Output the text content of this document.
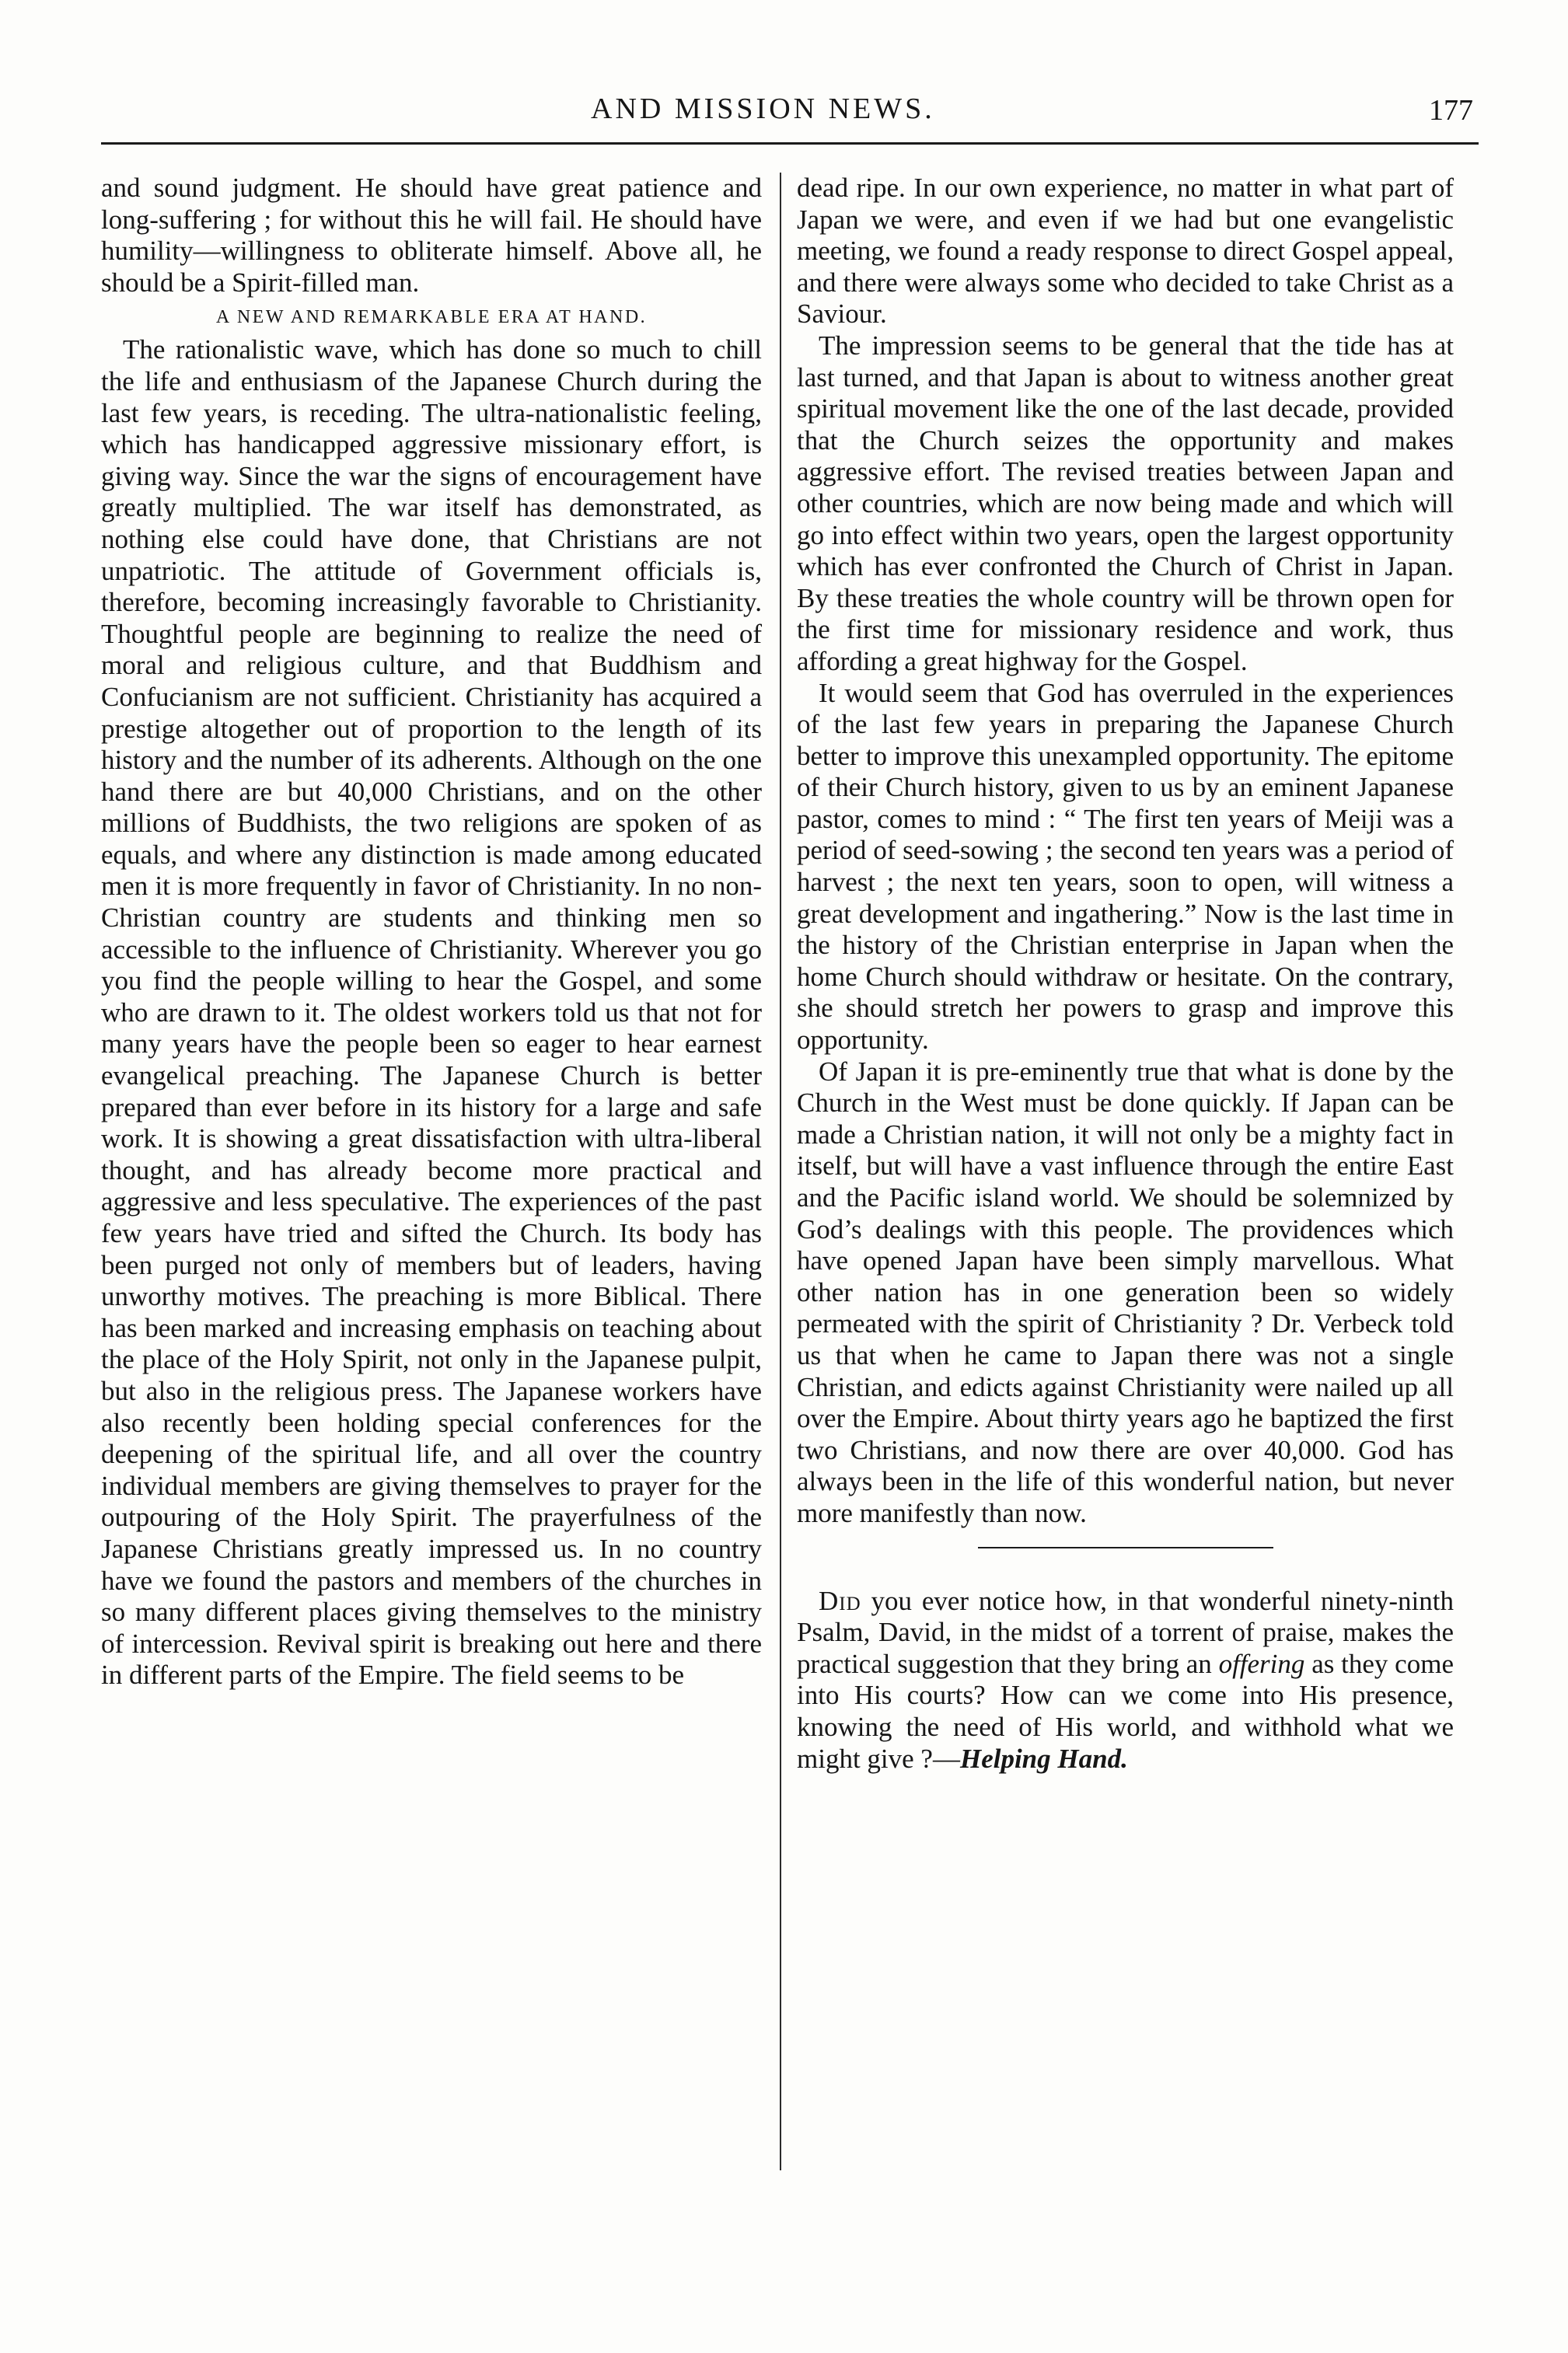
AND MISSION NEWS.	177

and sound judgment. He should have great patience and long-suffering ; for without this he will fail. He should have humility—willingness to obliterate himself. Above all, he should be a Spirit-filled man.

A NEW AND REMARKABLE ERA AT HAND.

The rationalistic wave, which has done so much to chill the life and enthusiasm of the Japanese Church during the last few years, is receding. The ultra-nationalistic feeling, which has handicapped aggressive missionary effort, is giving way. Since the war the signs of encouragement have greatly multiplied. The war itself has demonstrated, as nothing else could have done, that Christians are not unpatriotic. The attitude of Government officials is, therefore, becoming increasingly favorable to Christianity. Thoughtful people are beginning to realize the need of moral and religious culture, and that Buddhism and Confucianism are not sufficient. Christianity has acquired a prestige altogether out of proportion to the length of its history and the number of its adherents. Although on the one hand there are but 40,000 Christians, and on the other millions of Buddhists, the two religions are spoken of as equals, and where any distinction is made among educated men it is more frequently in favor of Christianity. In no non-Christian country are students and thinking men so accessible to the influence of Christianity. Wherever you go you find the people willing to hear the Gospel, and some who are drawn to it. The oldest workers told us that not for many years have the people been so eager to hear earnest evangelical preaching. The Japanese Church is better prepared than ever before in its history for a large and safe work. It is showing a great dissatisfaction with ultra-liberal thought, and has already become more practical and aggressive and less speculative. The experiences of the past few years have tried and sifted the Church. Its body has been purged not only of members but of leaders, having unworthy motives. The preaching is more Biblical. There has been marked and increasing emphasis on teaching about the place of the Holy Spirit, not only in the Japanese pulpit, but also in the religious press. The Japanese workers have also recently been holding special conferences for the deepening of the spiritual life, and all over the country individual members are giving themselves to prayer for the outpouring of the Holy Spirit. The prayerfulness of the Japanese Christians greatly impressed us. In no country have we found the pastors and members of the churches in so many different places giving themselves to the ministry of intercession. Revival spirit is breaking out here and there in different parts of the Empire. The field seems to be

dead ripe. In our own experience, no matter in what part of Japan we were, and even if we had but one evangelistic meeting, we found a ready response to direct Gospel appeal, and there were always some who decided to take Christ as a Saviour.

The impression seems to be general that the tide has at last turned, and that Japan is about to witness another great spiritual movement like the one of the last decade, provided that the Church seizes the opportunity and makes aggressive effort. The revised treaties between Japan and other countries, which are now being made and which will go into effect within two years, open the largest opportunity which has ever confronted the Church of Christ in Japan. By these treaties the whole country will be thrown open for the first time for missionary residence and work, thus affording a great highway for the Gospel.

It would seem that God has overruled in the experiences of the last few years in preparing the Japanese Church better to improve this unexampled opportunity. The epitome of their Church history, given to us by an eminent Japanese pastor, comes to mind : “ The first ten years of Meiji was a period of seed-sowing ; the second ten years was a period of harvest ; the next ten years, soon to open, will witness a great development and ingathering.” Now is the last time in the history of the Christian enterprise in Japan when the home Church should withdraw or hesitate. On the contrary, she should stretch her powers to grasp and improve this opportunity.

Of Japan it is pre-eminently true that what is done by the Church in the West must be done quickly. If Japan can be made a Christian nation, it will not only be a mighty fact in itself, but will have a vast influence through the entire East and the Pacific island world. We should be solemnized by God’s dealings with this people. The providences which have opened Japan have been simply marvellous. What other nation has in one generation been so widely permeated with the spirit of Christianity ? Dr. Verbeck told us that when he came to Japan there was not a single Christian, and edicts against Christianity were nailed up all over the Empire. About thirty years ago he baptized the first two Christians, and now there are over 40,000. God has always been in the life of this wonderful nation, but never more manifestly than now.

Did you ever notice how, in that wonderful ninety-ninth Psalm, David, in the midst of a torrent of praise, makes the practical suggestion that they bring an offering as they come into His courts? How can we come into His presence, knowing the need of His world, and withhold what we might give ?—Helping Hand.
